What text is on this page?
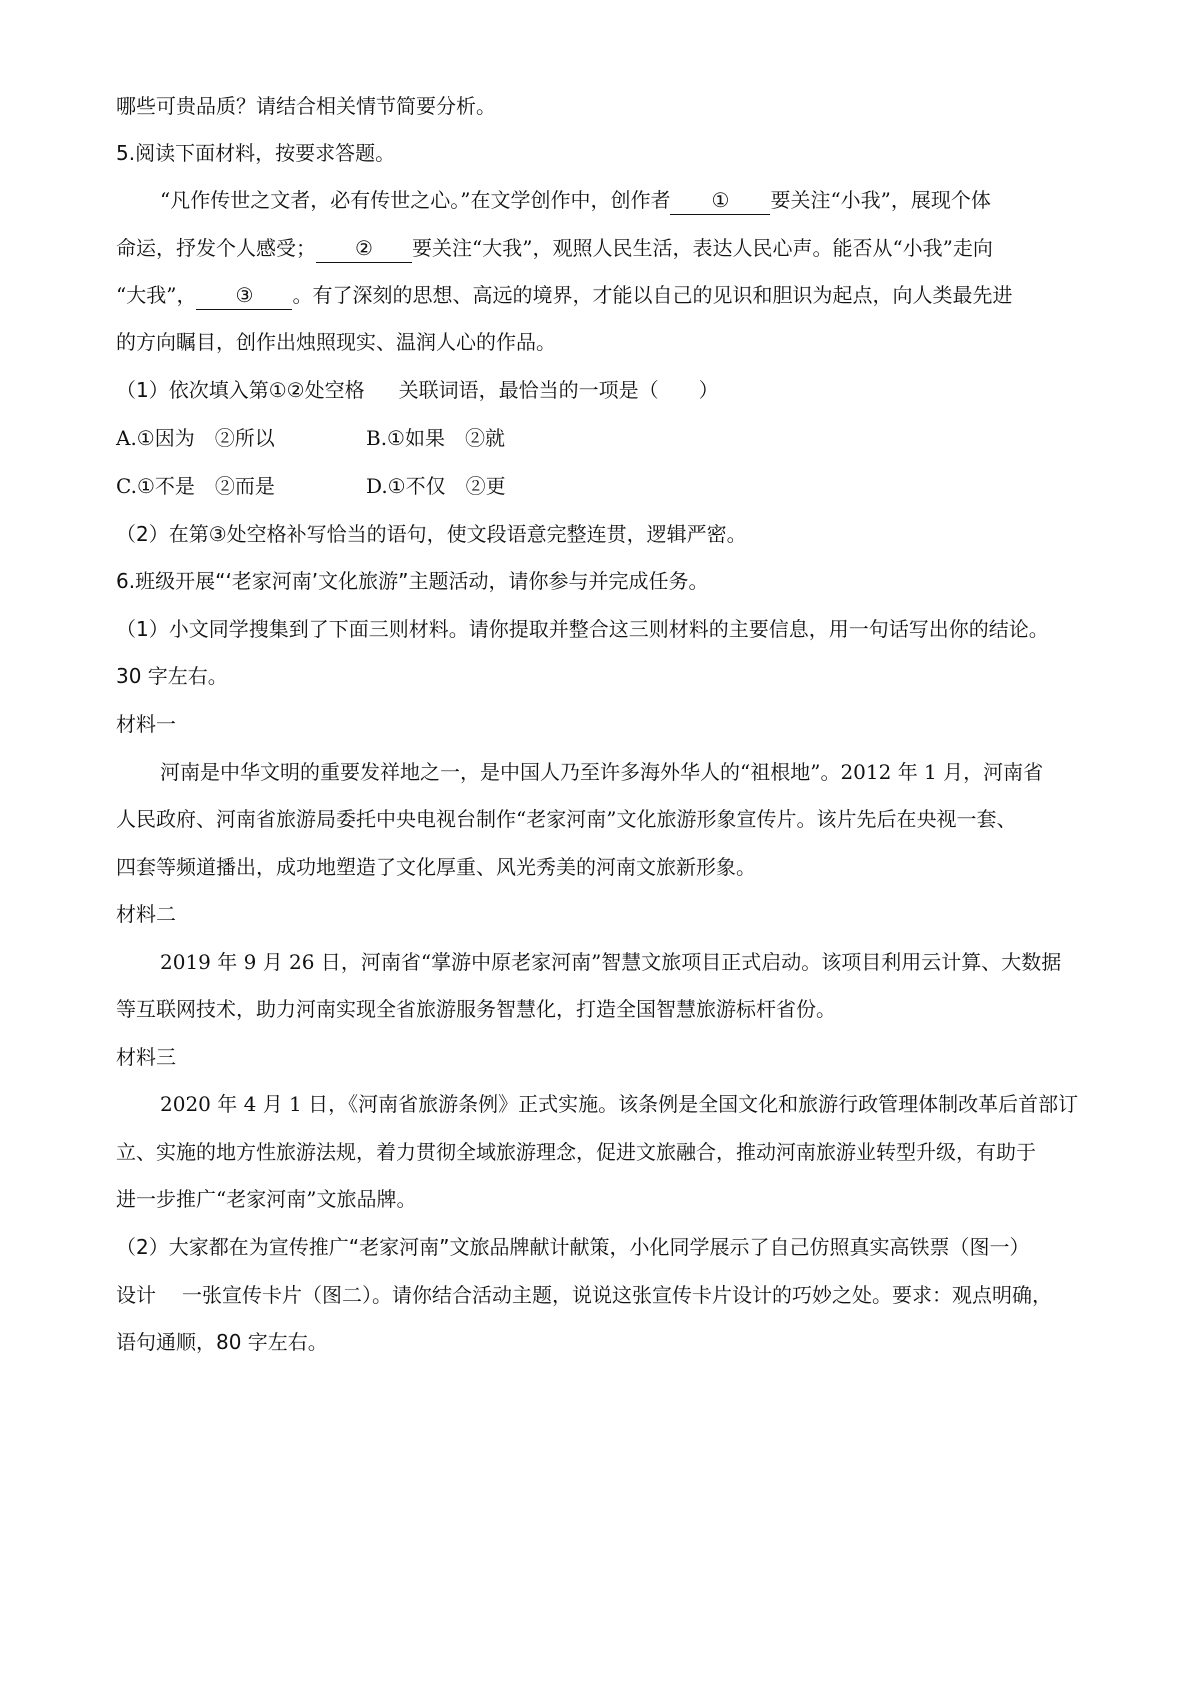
哪些可贵品质？请结合相关情节简要分析。
5.阅读下面材料，按要求答题。
“凡作传世之文者，必有传世之心。”在文学创作中，创作者 ① 要关注“小我”，展现个体
命运，抒发个人感受； ② 要关注“大我”，观照人民生活，表达人民心声。能否从“小我”走向
“大我”， ③ 。有了深刻的思想、高远的境界，才能以自己的见识和胆识为起点，向人类最先进
的方向瞩目，创作出烛照现实、温润人心的作品。
（1）依次填入第①②处空格 关联词语，最恰当的一项是（　　）
A.①因为　②所以	B.①如果　②就
C.①不是　②而是	D.①不仅　②更
（2）在第③处空格补写恰当的语句，使文段语意完整连贯，逻辑严密。
6.班级开展“‘老家河南’文化旅游”主题活动，请你参与并完成任务。
（1）小文同学搜集到了下面三则材料。请你提取并整合这三则材料的主要信息，用一句话写出你的结论。
30 字左右。
材料一
河南是中华文明的重要发祥地之一，是中国人乃至许多海外华人的“祖根地”。2012 年 1 月，河南省
人民政府、河南省旅游局委托中央电视台制作“老家河南”文化旅游形象宣传片。该片先后在央视一套、
四套等频道播出，成功地塑造了文化厚重、风光秀美的河南文旅新形象。
材料二
2019 年 9 月 26 日，河南省“掌游中原老家河南”智慧文旅项目正式启动。该项目利用云计算、大数据
等互联网技术，助力河南实现全省旅游服务智慧化，打造全国智慧旅游标杆省份。
材料三
2020 年 4 月 1 日，《河南省旅游条例》正式实施。该条例是全国文化和旅游行政管理体制改革后首部订
立、实施的地方性旅游法规，着力贯彻全域旅游理念，促进文旅融合，推动河南旅游业转型升级，有助于
进一步推广“老家河南”文旅品牌。
（2）大家都在为宣传推广“老家河南”文旅品牌献计献策，小化同学展示了自己仿照真实高铁票（图一）
设计 一张宣传卡片（图二）。请你结合活动主题，说说这张宣传卡片设计的巧妙之处。要求：观点明确，
语句通顺，80 字左右。
